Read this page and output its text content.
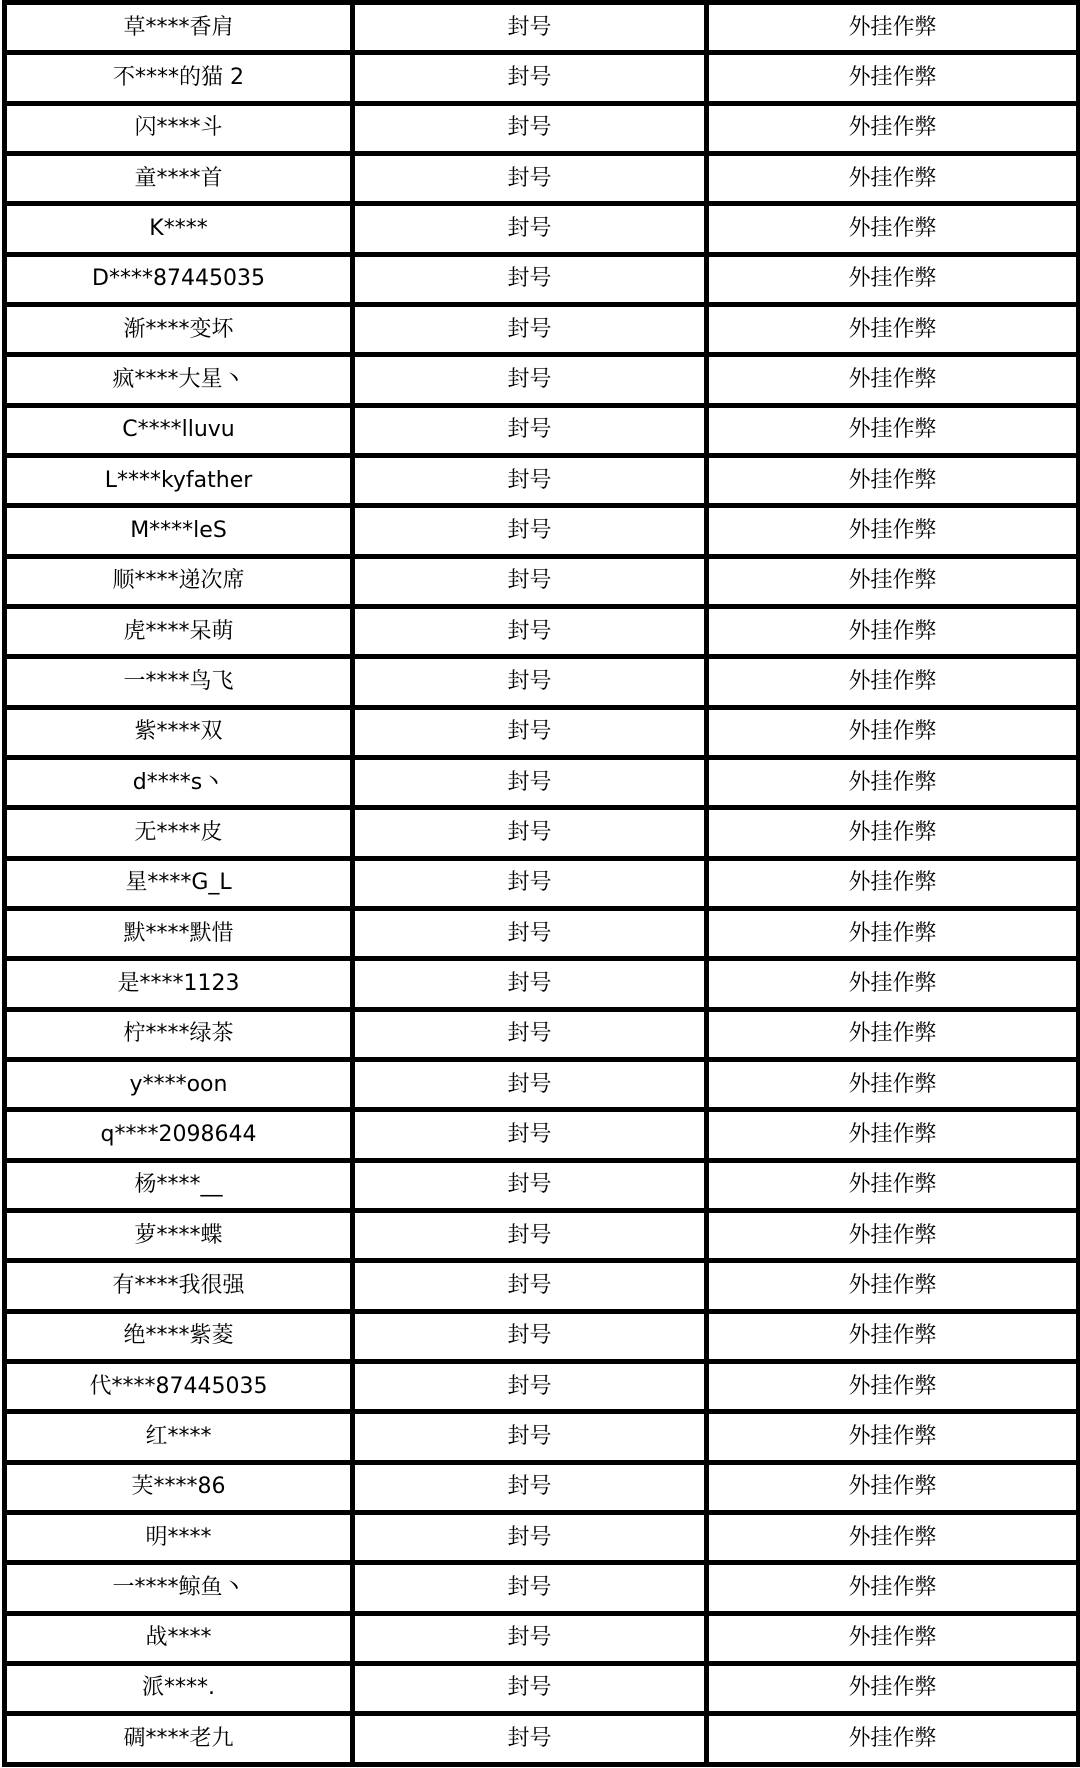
草****香肩	封号	外挂作弊
不****的猫 2	封号	外挂作弊
闪****斗	封号	外挂作弊
童****首	封号	外挂作弊
K****	封号	外挂作弊
D****87445035	封号	外挂作弊
渐****变坏	封号	外挂作弊
疯****大星丶	封号	外挂作弊
C****lluvu	封号	外挂作弊
L****kyfather	封号	外挂作弊
M****leS	封号	外挂作弊
顺****递次席	封号	外挂作弊
虎****呆萌	封号	外挂作弊
一****鸟飞	封号	外挂作弊
紫****双	封号	外挂作弊
d****s丶	封号	外挂作弊
无****皮	封号	外挂作弊
星****G_L	封号	外挂作弊
默****默惜	封号	外挂作弊
是****1123	封号	外挂作弊
柠****绿茶	封号	外挂作弊
y****oon	封号	外挂作弊
q****2098644	封号	外挂作弊
杨****__	封号	外挂作弊
萝****蝶	封号	外挂作弊
有****我很强	封号	外挂作弊
绝****紫菱	封号	外挂作弊
代****87445035	封号	外挂作弊
红****	封号	外挂作弊
芙****86	封号	外挂作弊
明****	封号	外挂作弊
一****鲸鱼丶	封号	外挂作弊
战****	封号	外挂作弊
派****.	封号	外挂作弊
碉****老九	封号	外挂作弊
